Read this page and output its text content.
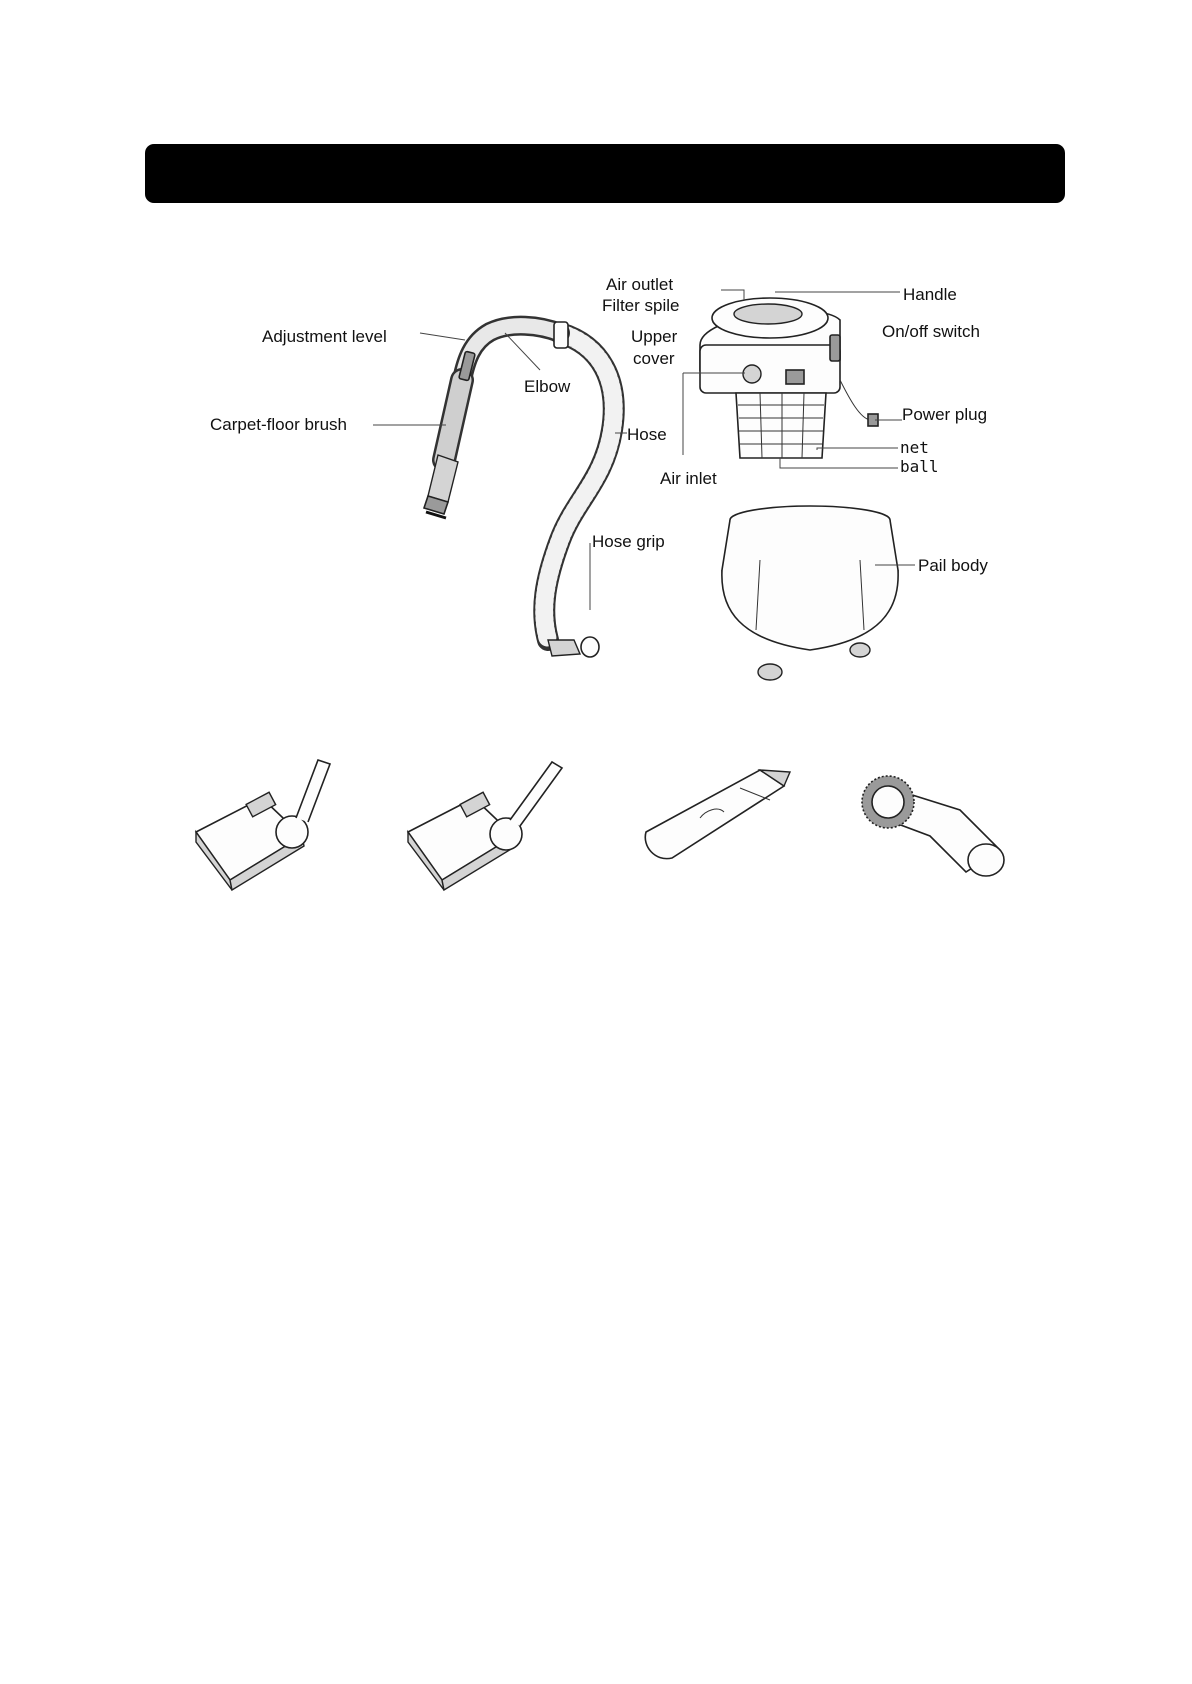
Air outlet
Filter spile
Handle
On/off switch
Adjustment level	Upper
cover
Elbow
Power plug
Carpet-floor brush
Hose
net
ball
Air inlet
Hose grip
Pail body
